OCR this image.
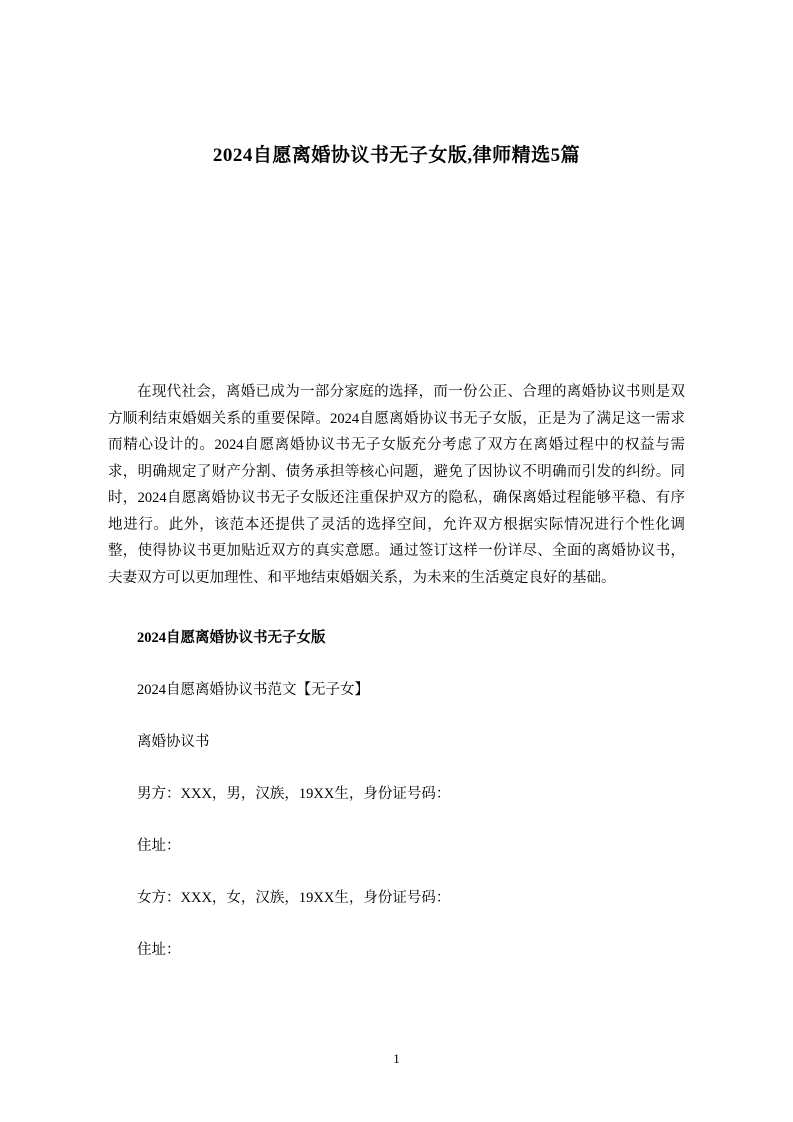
2024自愿离婚协议书无子女版,律师精选5篇
在现代社会，离婚已成为一部分家庭的选择，而一份公正、合理的离婚协议书则是双方顺利结束婚姻关系的重要保障。2024自愿离婚协议书无子女版，正是为了满足这一需求而精心设计的。2024自愿离婚协议书无子女版充分考虑了双方在离婚过程中的权益与需求，明确规定了财产分割、债务承担等核心问题，避免了因协议不明确而引发的纠纷。同时，2024自愿离婚协议书无子女版还注重保护双方的隐私，确保离婚过程能够平稳、有序地进行。此外，该范本还提供了灵活的选择空间，允许双方根据实际情况进行个性化调整，使得协议书更加贴近双方的真实意愿。通过签订这样一份详尽、全面的离婚协议书，夫妻双方可以更加理性、和平地结束婚姻关系，为未来的生活奠定良好的基础。
2024自愿离婚协议书无子女版
2024自愿离婚协议书范文【无子女】
离婚协议书
男方：XXX，男，汉族，19XX生，身份证号码：
住址：
女方：XXX，女，汉族，19XX生，身份证号码：
住址：
1
